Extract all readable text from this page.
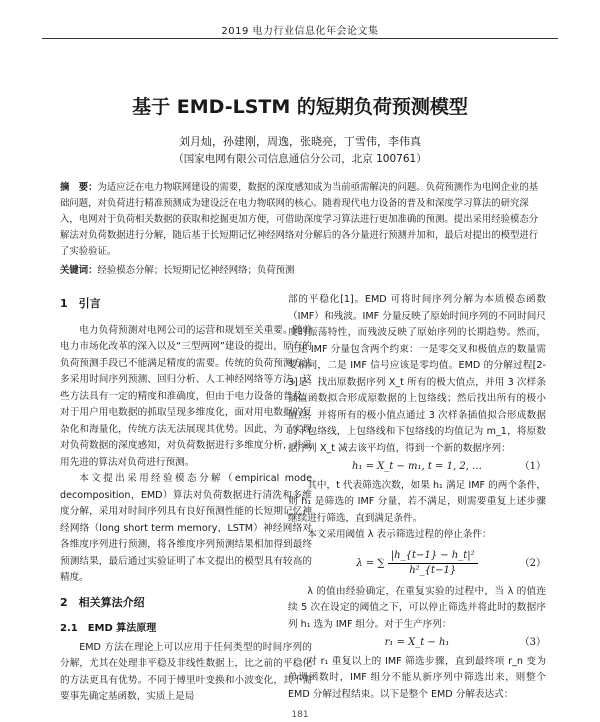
2019 电力行业信息化年会论文集
基于 EMD-LSTM 的短期负荷预测模型
刘月灿，孙建刚，周逸，张晓亮，丁雪伟，李伟真
（国家电网有限公司信息通信分公司，北京 100761）
摘　要：为适应泛在电力物联网建设的需要，数据的深度感知成为当前亟需解决的问题。负荷预测作为电网企业的基础问题，对负荷进行精准预测成为建设泛在电力物联网的核心。随着现代电力设备的普及和深度学习算法的研究深入，电网对于负荷相关数据的获取和挖掘更加方便，可借助深度学习算法进行更加准确的预测。提出采用经验模态分解法对负荷数据进行分解，随后基于长短期记忆神经网络对分解后的各分量进行预测并加和，最后对提出的模型进行了实验验证。
关键词：经验模态分解；长短期记忆神经网络；负荷预测
1　引言

电力负荷预测对电网公司的运营和规划至关重要。随着电力市场化改革的深入以及“三型两网”建设的提出，原有的负荷预测手段已不能满足精度的需要。传统的负荷预测方法多采用时间序列预测、回归分析、人工神经网络等方法，这些方法具有一定的精度和准确度，但由于电力设备的普及，对于用户用电数据的抓取呈现多维度化，面对用电数据的复杂化和海量化，传统方法无法展现其优势。因此，为了实现对负荷数据的深度感知，对负荷数据进行多维度分析，并采用先进的算法对负荷进行预测。

本文提出采用经验模态分解（empirical mode decomposition，EMD）算法对负荷数据进行清洗和多维度分解，采用对时间序列具有良好预测性能的长短期记忆神经网络（long short term memory，LSTM）神经网络对各维度序列进行预测，将各维度序列预测结果相加得到最终预测结果，最后通过实验证明了本文提出的模型具有较高的精度。

2　相关算法介绍
2.1　EMD 算法原理

EMD 方法在理论上可以应用于任何类型的时间序列的分解，尤其在处理非平稳及非线性数据上，比之前的平稳化的方法更具有优势。不同于傅里叶变换和小波变化，其不需要事先确定基函数，实质上是局

部的平稳化[1]。EMD 可将时间序列分解为本质模态函数（IMF）和残波。IMF 分量反映了原始时间序列的不同时间尺度的振荡特性，而残波反映了原始序列的长期趋势。然而，上述 IMF 分量包含两个约束：一是零交叉和极值点的数量需要相同，二是 IMF 信号应该是零均值。EMD 的分解过程[2-3]是：找出原数据序列 X_t 所有的极大值点，并用 3 次样条插值函数拟合形成原数据的上包络线；然后找出所有的极小值点，并将所有的极小值点通过 3 次样条插值拟合形成数据的下包络线，上包络线和下包络线的均值记为 m_1，将原数据序列 X_t 减去该平均值，得到一个新的数据序列：

h₁ = X_t − m₁, t = 1, 2, …	（1）

其中，t 代表筛选次数，如果 h₁ 满足 IMF 的两个条件，则 h₁ 是筛选的 IMF 分量，若不满足，则需要重复上述步骤继续进行筛选，直到满足条件。

本文采用阈值 λ 表示筛选过程的停止条件：

λ = ∑ $\frac{\text{|h\_\{t−1\} − h\_t|²}}{\text{h²\_\{t−1\}}}$	（2）

λ 的值由经验确定，在重复实验的过程中，当 λ 的值连续 5 次在设定的阈值之下，可以停止筛选并将此时的数据序列 h₁ 选为 IMF 组分。对于生产序列：

r₁ = X_t − h₁	（3）

对 r₁ 重复以上的 IMF 筛选步骤，直到最终项 r_n 变为单调函数时，IMF 组分不能从新序列中筛选出来，则整个 EMD 分解过程结束。以下是整个 EMD 分解表达式：

181
